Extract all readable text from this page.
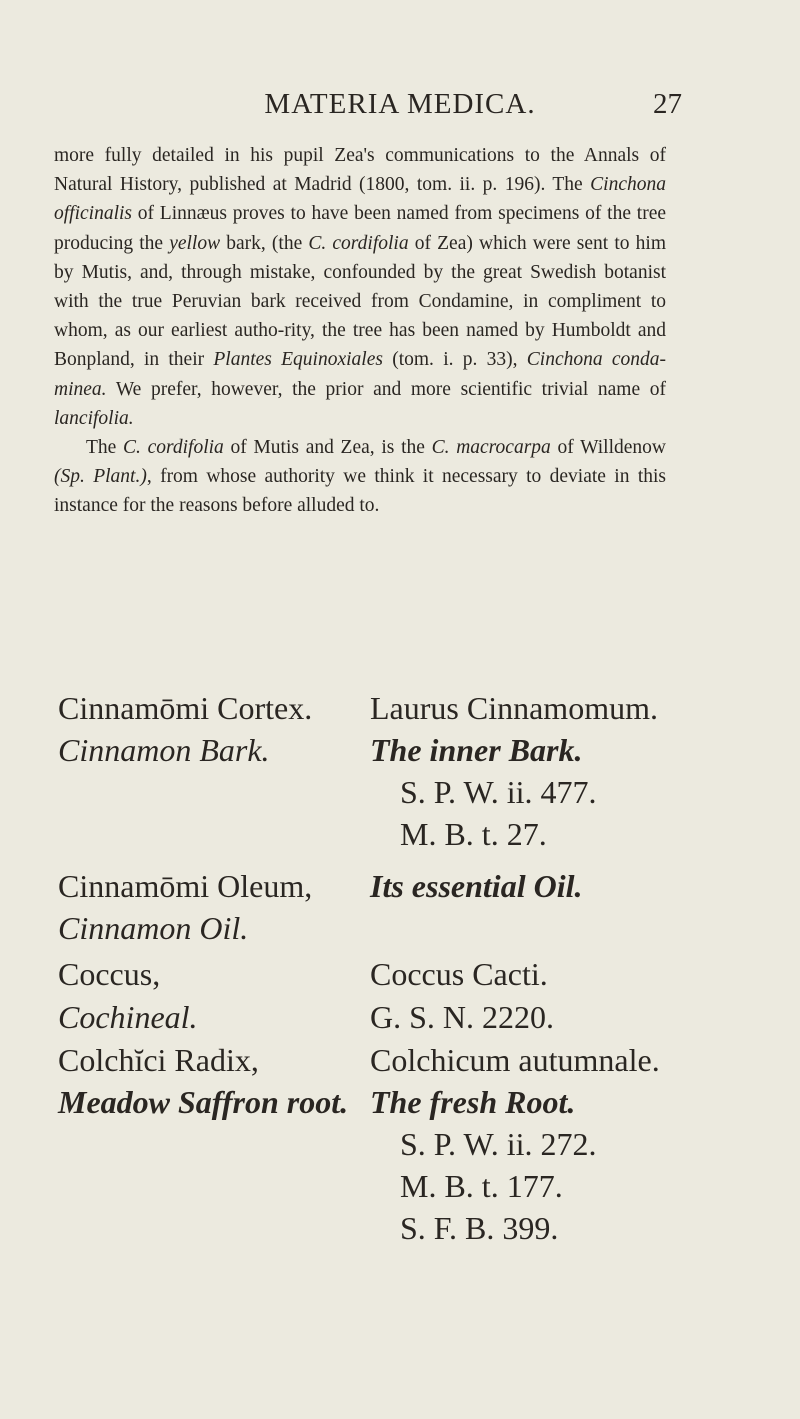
MATERIA MEDICA.	27

more fully detailed in his pupil Zea's communications to the Annals of Natural History, published at Madrid (1800, tom. ii. p. 196). The Cinchona officinalis of Linnæus proves to have been named from specimens of the tree producing the yellow bark, (the C. cordifolia of Zea) which were sent to him by Mutis, and, through mistake, confounded by the great Swedish botanist with the true Peruvian bark received from Condamine, in compliment to whom, as our earliest autho-rity, the tree has been named by Humboldt and Bonpland, in their Plantes Equinoxiales (tom. i. p. 33), Cinchona conda-minea. We prefer, however, the prior and more scientific trivial name of lancifolia.

The C. cordifolia of Mutis and Zea, is the C. macrocarpa of Willdenow (Sp. Plant.), from whose authority we think it necessary to deviate in this instance for the reasons before alluded to.

Cinnamōmi Cortex.
Cinnamon Bark.
Laurus Cinnamomum.
The inner Bark.
S. P. W. ii. 477.
M. B. t. 27.
Cinnamōmi Oleum,
Cinnamon Oil.
Its essential Oil.
Coccus,
Cochineal.
Coccus Cacti.
G. S. N. 2220.
Colchĭci Radix,
Meadow Saffron root.
Colchicum autumnale.
The fresh Root.
S. P. W. ii. 272.
M. B. t. 177.
S. F. B. 399.
